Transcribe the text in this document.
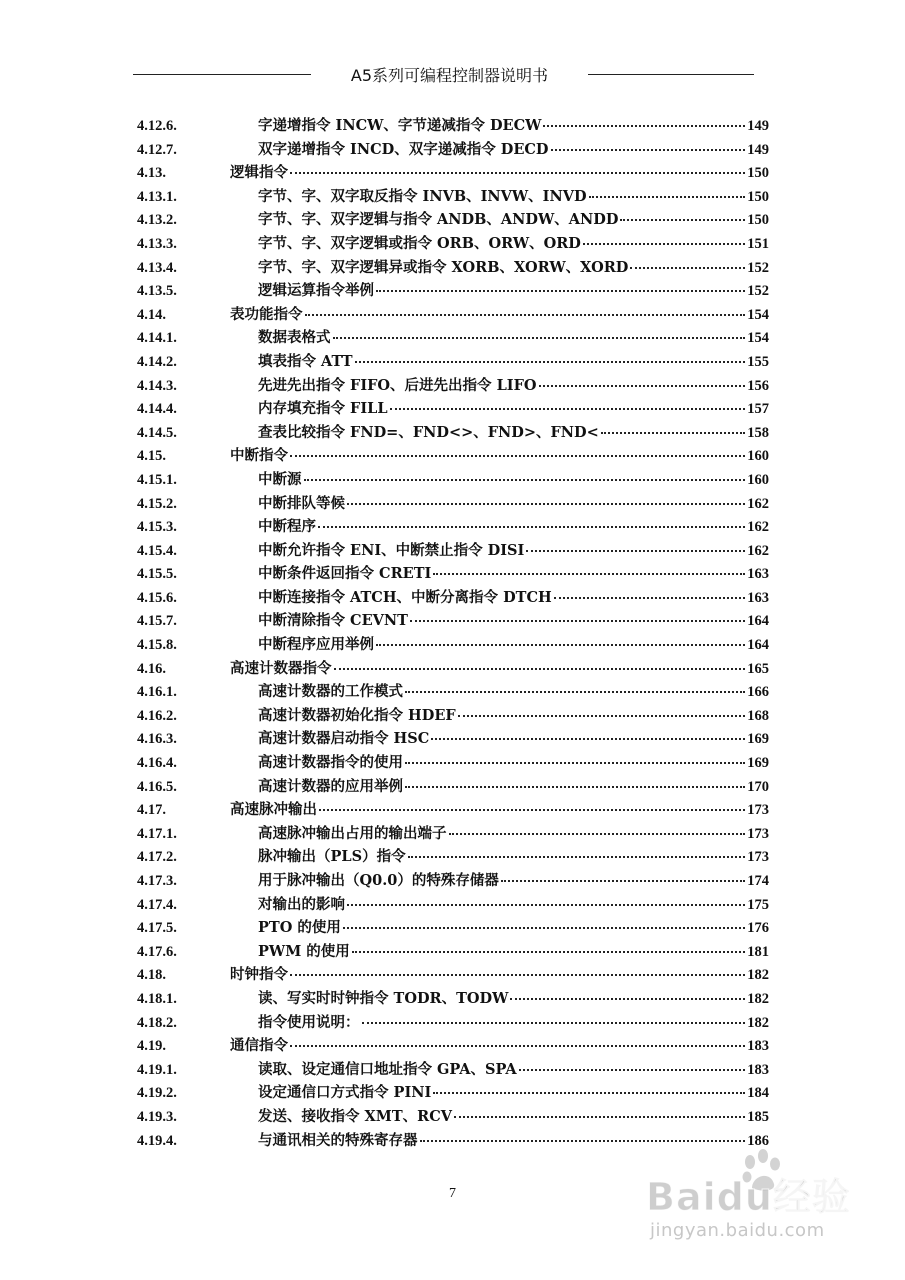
A5系列可编程控制器说明书
4.12.6.	字递增指令 INCW、字节递减指令 DECW	149
4.12.7.	双字递增指令 INCD、双字递减指令 DECD	149
4.13.	逻辑指令	150
4.13.1.	字节、字、双字取反指令 INVB、INVW、INVD	150
4.13.2.	字节、字、双字逻辑与指令 ANDB、ANDW、ANDD	150
4.13.3.	字节、字、双字逻辑或指令 ORB、ORW、ORD	151
4.13.4.	字节、字、双字逻辑异或指令 XORB、XORW、XORD	152
4.13.5.	逻辑运算指令举例	152
4.14.	表功能指令	154
4.14.1.	数据表格式	154
4.14.2.	填表指令 ATT	155
4.14.3.	先进先出指令 FIFO、后进先出指令 LIFO	156
4.14.4.	内存填充指令 FILL	157
4.14.5.	查表比较指令 FND=、FND<>、FND>、FND<	158
4.15.	中断指令	160
4.15.1.	中断源	160
4.15.2.	中断排队等候	162
4.15.3.	中断程序	162
4.15.4.	中断允许指令 ENI、中断禁止指令 DISI	162
4.15.5.	中断条件返回指令 CRETI	163
4.15.6.	中断连接指令 ATCH、中断分离指令 DTCH	163
4.15.7.	中断清除指令 CEVNT	164
4.15.8.	中断程序应用举例	164
4.16.	高速计数器指令	165
4.16.1.	高速计数器的工作模式	166
4.16.2.	高速计数器初始化指令 HDEF	168
4.16.3.	高速计数器启动指令 HSC	169
4.16.4.	高速计数器指令的使用	169
4.16.5.	高速计数器的应用举例	170
4.17.	高速脉冲输出	173
4.17.1.	高速脉冲输出占用的输出端子	173
4.17.2.	脉冲输出（PLS）指令	173
4.17.3.	用于脉冲输出（Q0.0）的特殊存储器	174
4.17.4.	对输出的影响	175
4.17.5.	PTO 的使用	176
4.17.6.	PWM 的使用	181
4.18.	时钟指令	182
4.18.1.	读、写实时时钟指令 TODR、TODW	182
4.18.2.	指令使用说明：	182
4.19.	通信指令	183
4.19.1.	读取、设定通信口地址指令 GPA、SPA	183
4.19.2.	设定通信口方式指令 PINI	184
4.19.3.	发送、接收指令 XMT、RCV	185
4.19.4.	与通讯相关的特殊寄存器	186
7	Baidu经验
jingyan.baidu.com
